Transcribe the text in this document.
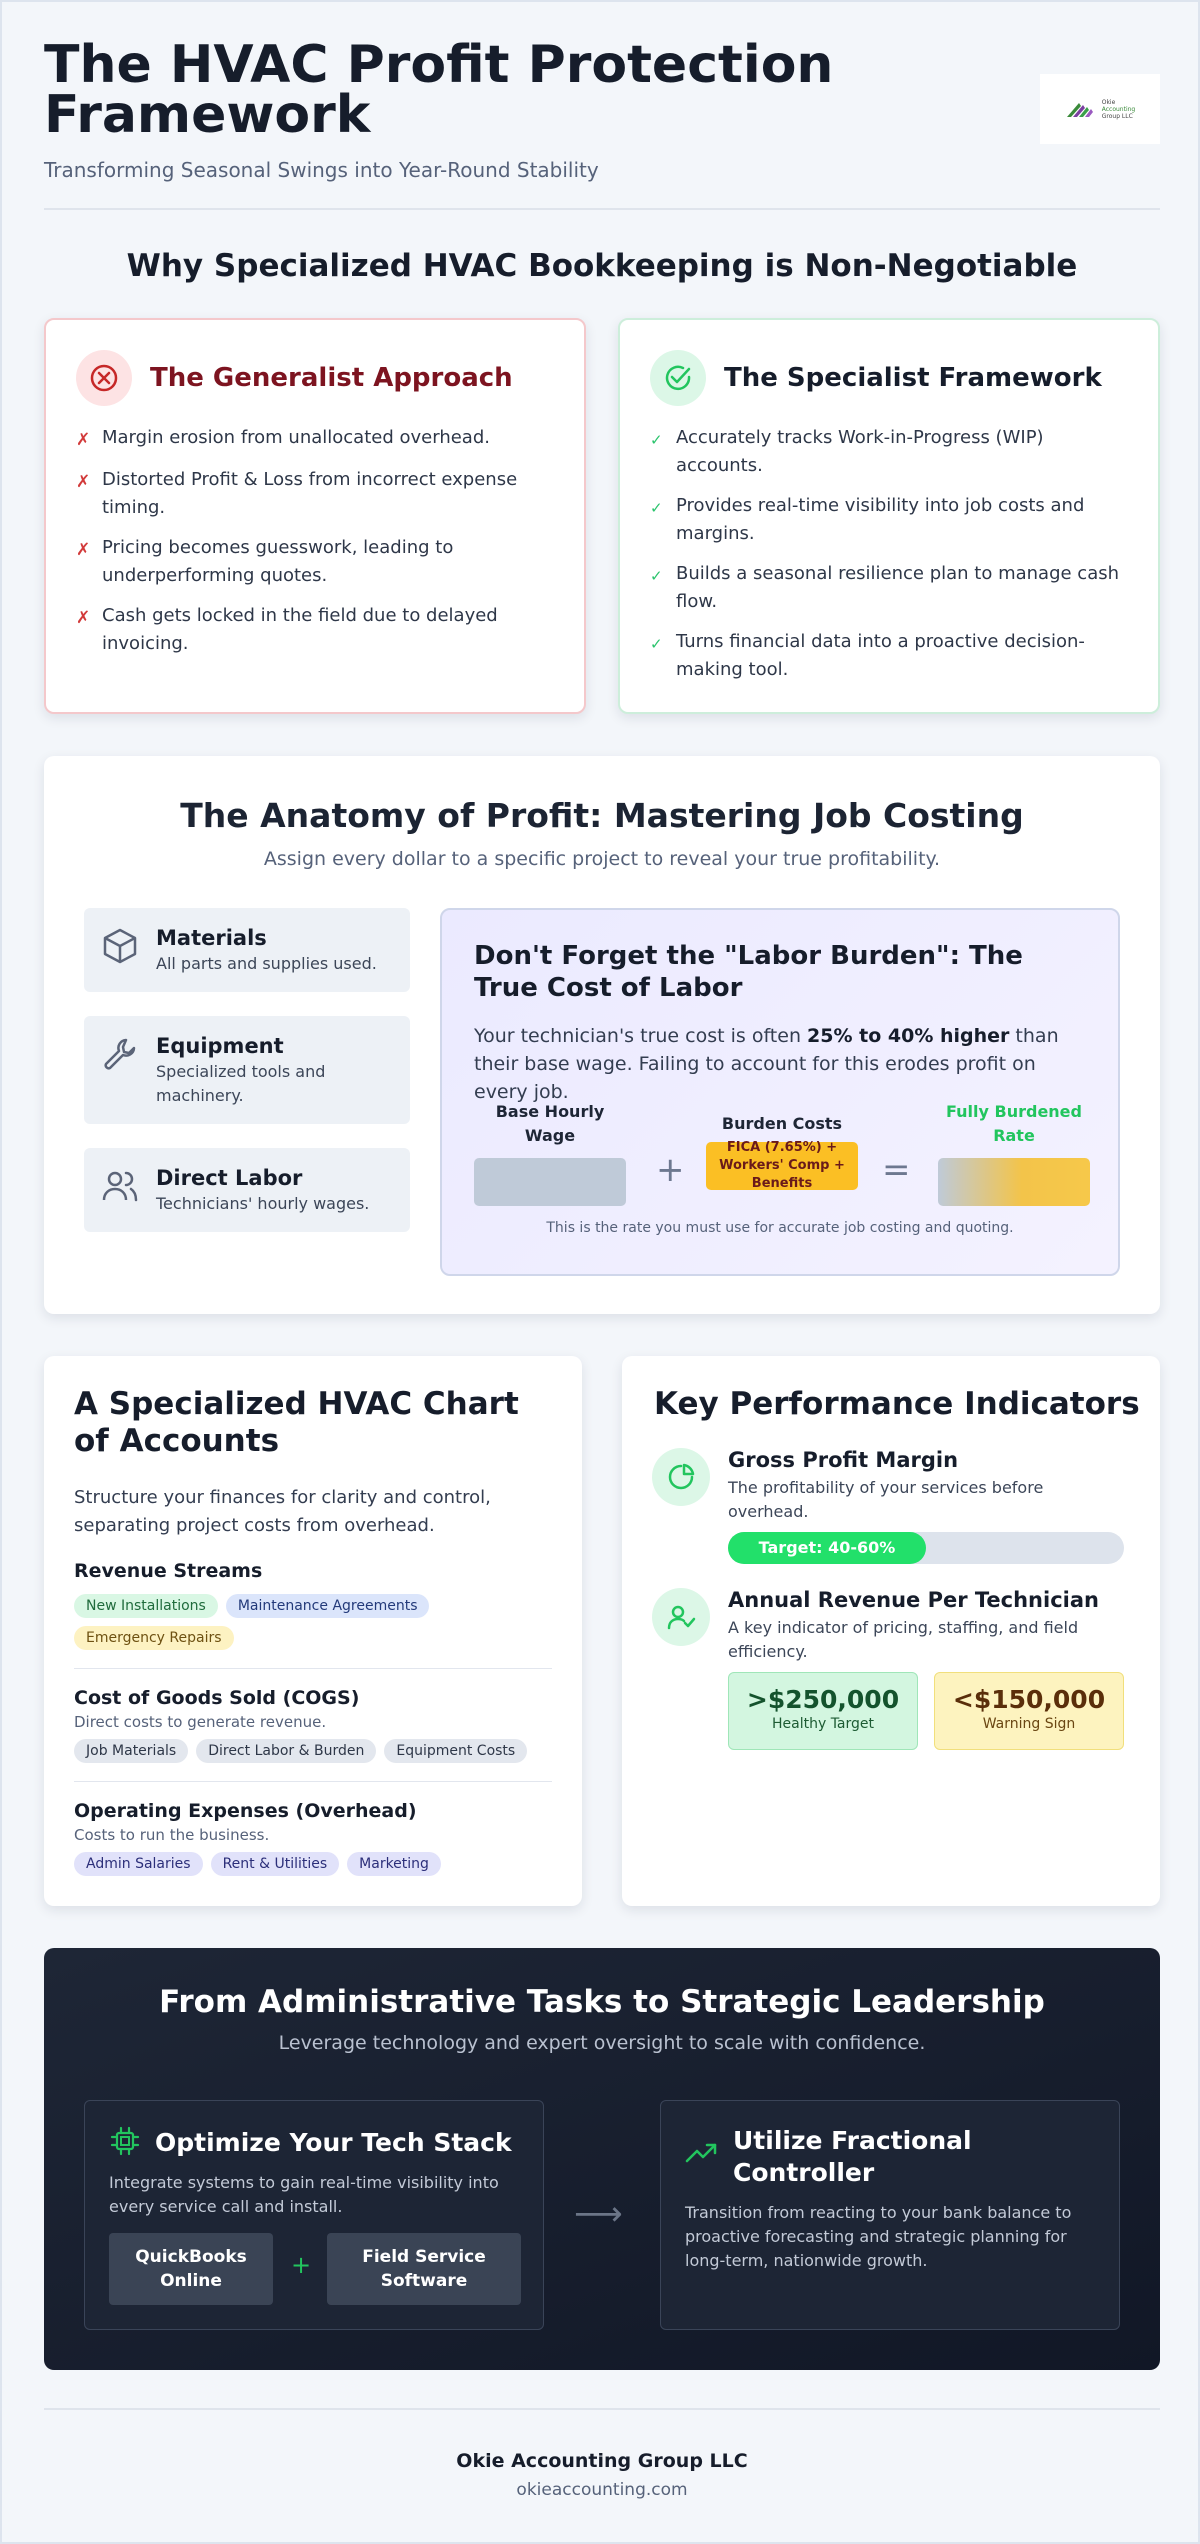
The HVAC Profit Protection Framework
Transforming Seasonal Swings into Year-Round Stability
Okie
Accounting
Group LLC
Why Specialized HVAC Bookkeeping is Non-Negotiable
The Generalist Approach
✗ Margin erosion from unallocated overhead.
✗ Distorted Profit & Loss from incorrect expense timing.
✗ Pricing becomes guesswork, leading to underperforming quotes.
✗ Cash gets locked in the field due to delayed invoicing.
The Specialist Framework
✓ Accurately tracks Work-in-Progress (WIP) accounts.
✓ Provides real-time visibility into job costs and margins.
✓ Builds a seasonal resilience plan to manage cash flow.
✓ Turns financial data into a proactive decision-making tool.
The Anatomy of Profit: Mastering Job Costing
Assign every dollar to a specific project to reveal your true profitability.
Materials

All parts and supplies used.

Equipment

Specialized tools and machinery.

Direct Labor

Technicians' hourly wages.

Don't Forget the "Labor Burden": The True Cost of Labor
Your technician's true cost is often 25% to 40% higher than their base wage. Failing to account for this erodes profit on every job.
Base Hourly Wage
+
Burden Costs
FICA (7.65%) + Workers' Comp + Benefits	=
Fully Burdened Rate
This is the rate you must use for accurate job costing and quoting.
A Specialized HVAC Chart of Accounts
Structure your finances for clarity and control, separating project costs from overhead.
Revenue Streams
New Installations	Maintenance Agreements
Emergency Repairs
Cost of Goods Sold (COGS)
Direct costs to generate revenue.
Job Materials	Direct Labor & Burden	Equipment Costs
Operating Expenses (Overhead)
Costs to run the business.
Admin Salaries	Rent & Utilities	Marketing
Key Performance Indicators
Gross Profit Margin

The profitability of your services before overhead.

Target: 40-60%
Annual Revenue Per Technician

A key indicator of pricing, staffing, and field efficiency.

>$250,000
Healthy Target
<$150,000
Warning Sign
From Administrative Tasks to Strategic Leadership
Leverage technology and expert oversight to scale with confidence.
Optimize Your Tech Stack

Integrate systems to gain real-time visibility into every service call and install.

QuickBooks Online
+	Field Service Software
⟶
Utilize Fractional Controller

Transition from reacting to your bank balance to proactive forecasting and strategic planning for long-term, nationwide growth.

Okie Accounting Group LLC
okieaccounting.com
